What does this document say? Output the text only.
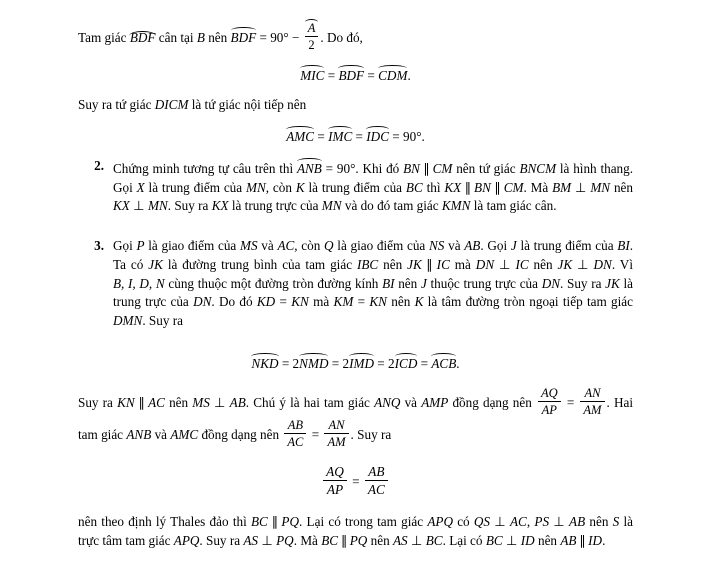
Tam giác BDF cân tại B nên BDF = $90^\circ - \frac{A}{2}$ . Do đó,

MIC = BDF = CDM.

Suy ra tứ giác DICM là tứ giác nội tiếp nên

AMC = IMC = IDC = 90°.
2. Chứng minh tương tự câu trên thì ANB = 90°. Khi đó BN ∥ CM nên tứ giác BNCM là hình thang. Gọi X là trung điểm của MN, còn K là trung điểm của BC thì KX ∥ BN ∥ CM. Mà BM ⊥ MN nên KX ⊥ MN. Suy ra KX là trung trực của MN và do đó tam giác KMN là tam giác cân.
3. Gọi P là giao điểm của MS và AC, còn Q là giao điểm của NS và AB. Gọi J là trung điểm của BI. Ta có JK là đường trung bình của tam giác IBC nên JK ∥ IC mà DN ⊥ IC nên JK ⊥ DN. Vì B, I, D, N cùng thuộc một đường tròn đường kính BI nên J thuộc trung trực của DN. Suy ra JK là trung trực của DN. Do đó KD = KN mà KM = KN nên K là tâm đường tròn ngoại tiếp tam giác DMN. Suy ra
NKD = 2NMD = 2IMD = 2ICD = ACB.

Suy ra KN ∥ AC nên MS ⊥ AB. Chú ý là hai tam giác ANQ và AMP đồng dạng nên $\frac{AQ}{AP} = \frac{AN}{AM}$ . Hai tam giác ANB và AMC đồng dạng nên $\frac{AB}{AC} = \frac{AN}{AM}$ . Suy ra

$\frac{AQ}{AP} = \frac{AB}{AC}$

nên theo định lý Thales đảo thì BC ∥ PQ. Lại có trong tam giác APQ có QS ⊥ AC, PS ⊥ AB nên S là trực tâm tam giác APQ. Suy ra AS ⊥ PQ. Mà BC ∥ PQ nên AS ⊥ BC. Lại có BC ⊥ ID nên AB ∥ ID.
